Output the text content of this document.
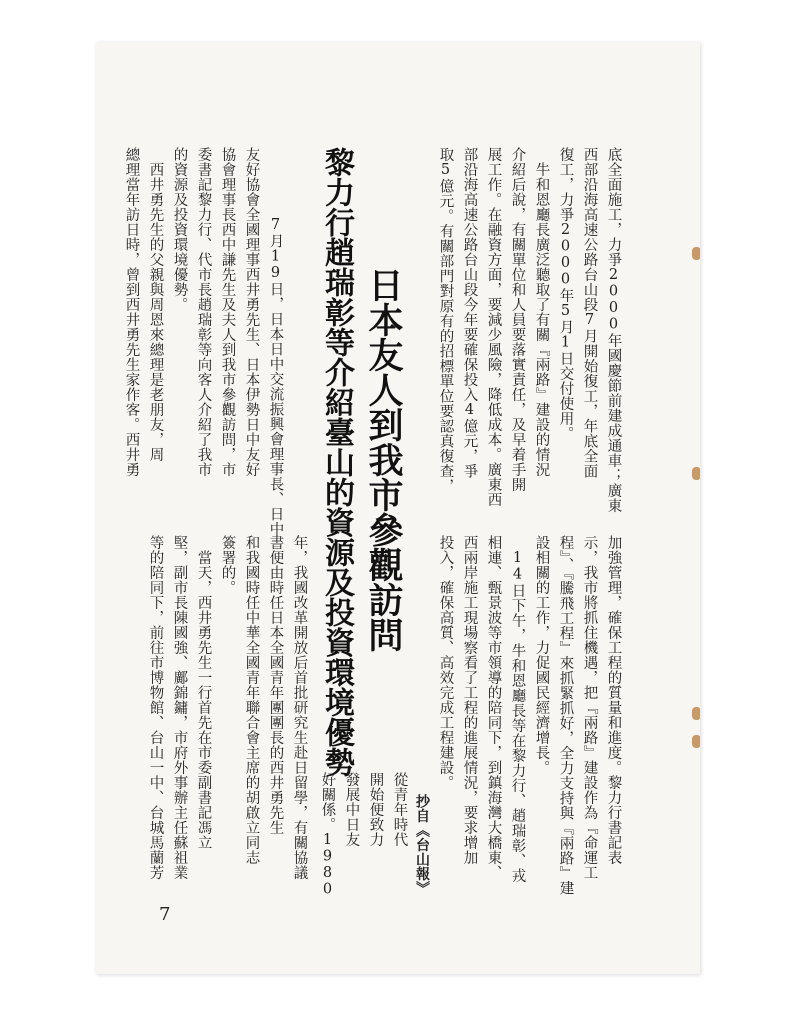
底全面施工，力爭2000年國慶節前建成通車；廣東
西部沿海高速公路台山段7月開始復工，年底全面
復工，力爭2000年5月1日交付使用。
　牛和恩廳長廣泛聽取了有關『兩路』建設的情況
介紹后說，有關單位和人員要落實責任，及早着手開
展工作。在融資方面，要減少風險，降低成本。廣東西
部沿海高速公路台山段今年要確保投入4億元，爭
取5億元。有關部門對原有的招標單位要認真復查，
加強管理，確保工程的質量和進度。黎力行書記表
示，我市將抓住機遇，把『兩路』建設作為『命運工
程』、『騰飛工程』來抓緊抓好，全力支持與『兩路』建
設相關的工作，力促國民經濟增長。
　14日下午，牛和恩廳長等在黎力行、趙瑞彰、戎
相連、甄景波等市領導的陪同下，到鎮海灣大橋東、
西兩岸施工現場察看了工程的進展情況，要求增加
投入，確保高質、高效完成工程建設。
抄自《台山報》
日本友人到我市參觀訪問
黎力行趙瑞彰等介紹臺山的資源及投資環境優勢
從青年時代
開始便致力
發展中日友
好關係。1980
　7月19日，日本日中交流振興會理事長、日中
友好協會全國理事西井勇先生、日本伊勢日中友好
協會理事長西中謙先生及夫人到我市參觀訪問，市
委書記黎力行、代市長趙瑞彰等向客人介紹了我市
的資源及投資環境優勢。
　西井勇先生的父親與周恩來總理是老朋友，周
總理當年訪日時，曾到西井勇先生家作客。西井勇
年，我國改革開放后首批研究生赴日留學，有關協議
書便由時任日本全國青年團團長的西井勇先生
和我國時任中華全國青年聯合會主席的胡啟立同志
簽署的。
　當天，西井勇先生一行首先在市委副書記馮立
堅，副市長陳國強、鄺錦鏞，市府外事辦主任蘇祖業
等的陪同下，前往市博物館、台山一中、台城馬蘭芳
7
